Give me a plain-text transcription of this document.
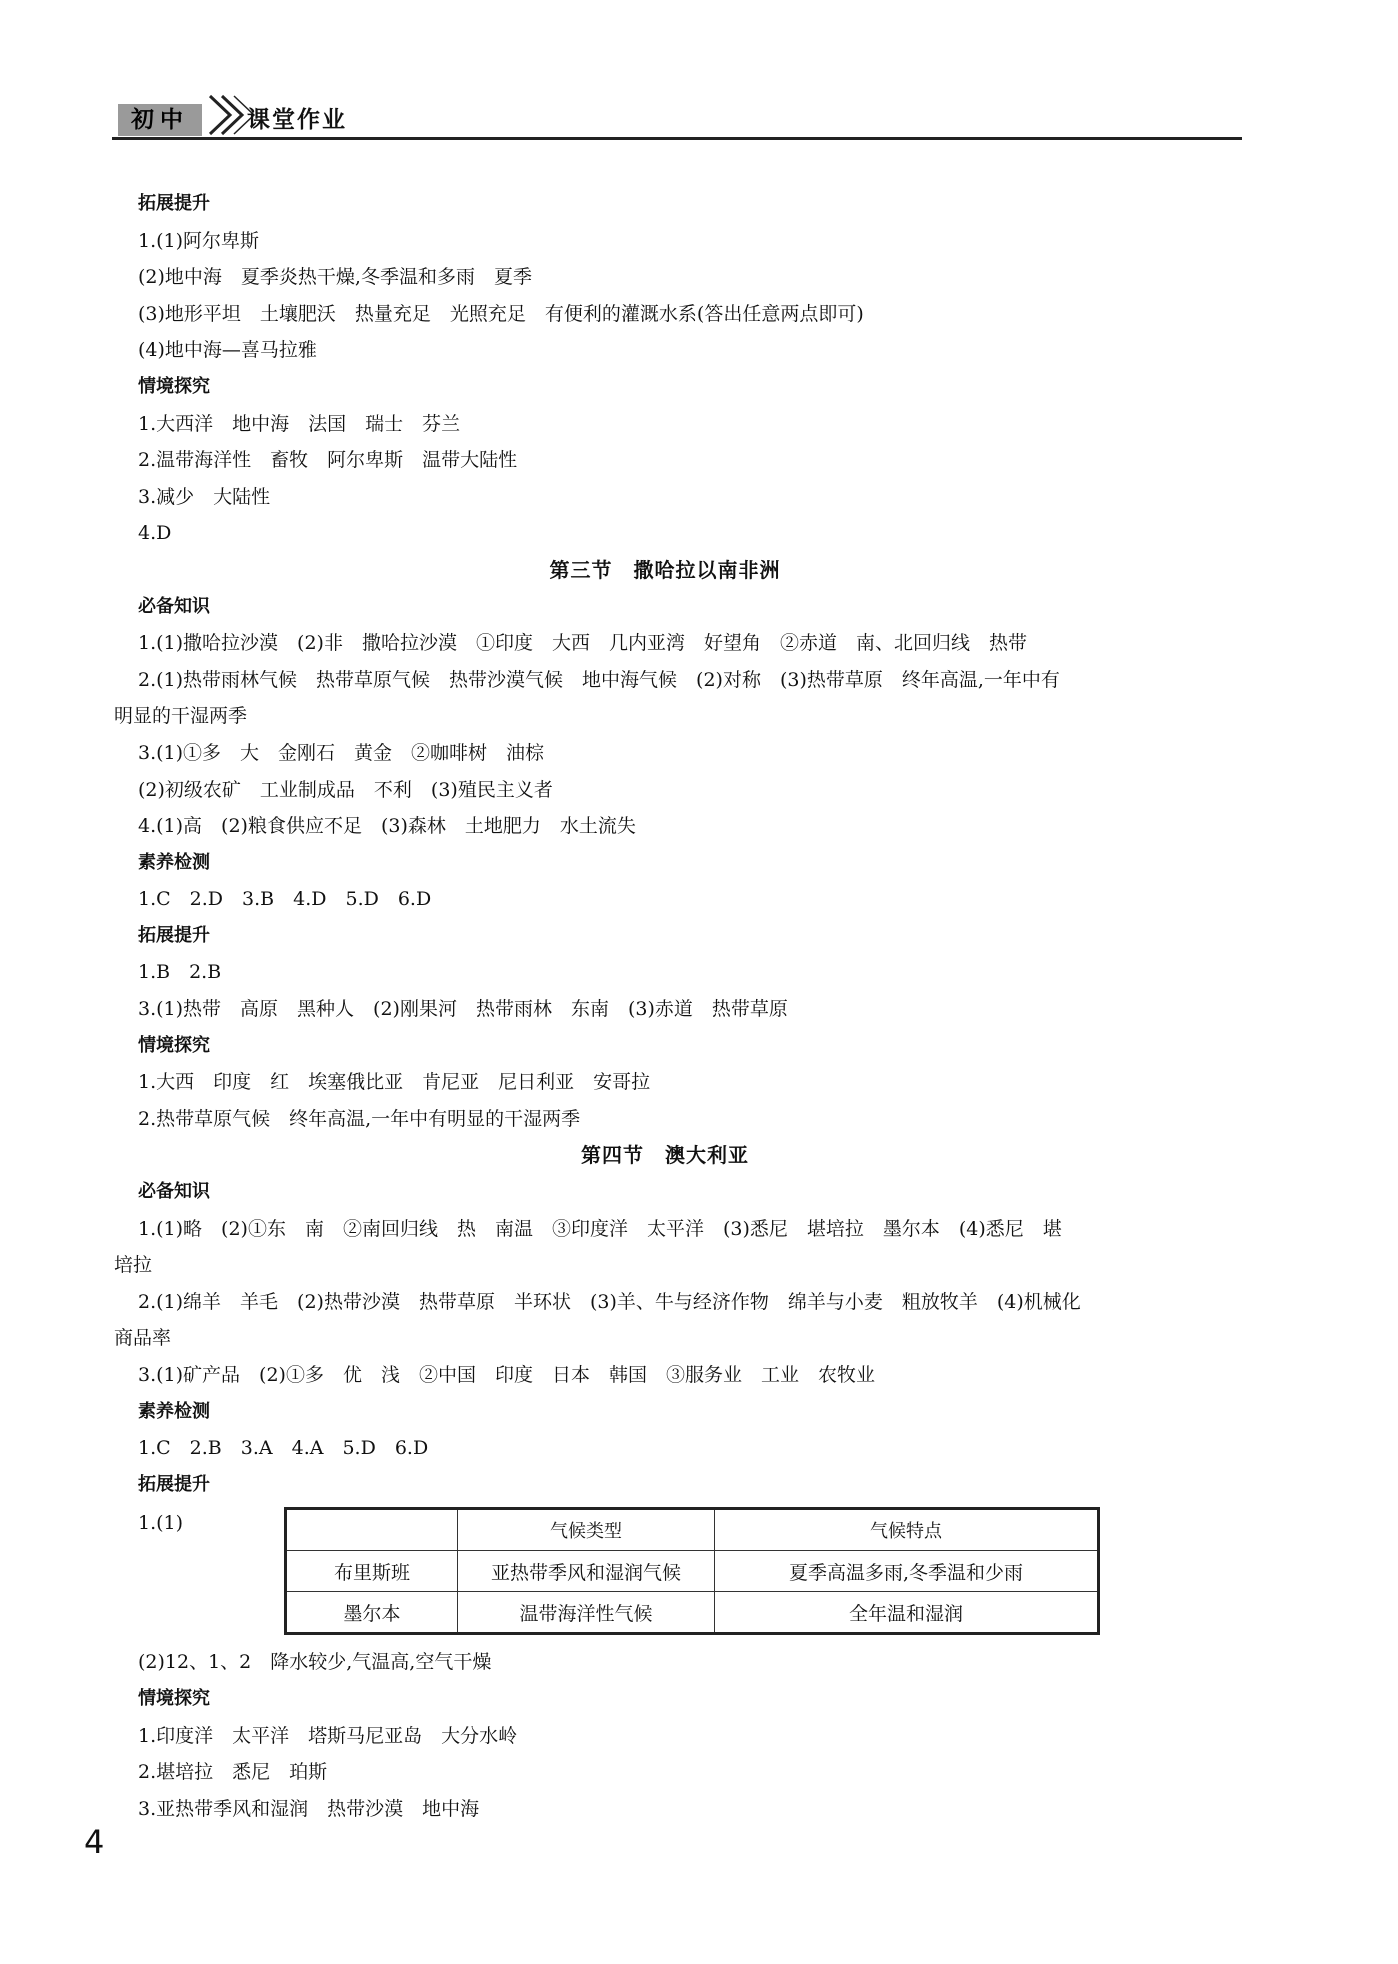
初中	课堂作业
拓展提升
1.(1)阿尔卑斯
(2)地中海　夏季炎热干燥,冬季温和多雨　夏季
(3)地形平坦　土壤肥沃　热量充足　光照充足　有便利的灌溉水系(答出任意两点即可)
(4)地中海—喜马拉雅
情境探究
1.大西洋　地中海　法国　瑞士　芬兰
2.温带海洋性　畜牧　阿尔卑斯　温带大陆性
3.减少　大陆性
4.D
第三节　撒哈拉以南非洲
必备知识
1.(1)撒哈拉沙漠　(2)非　撒哈拉沙漠　①印度　大西　几内亚湾　好望角　②赤道　南、北回归线　热带
2.(1)热带雨林气候　热带草原气候　热带沙漠气候　地中海气候　(2)对称　(3)热带草原　终年高温,一年中有
明显的干湿两季
3.(1)①多　大　金刚石　黄金　②咖啡树　油棕
(2)初级农矿　工业制成品　不利　(3)殖民主义者
4.(1)高　(2)粮食供应不足　(3)森林　土地肥力　水土流失
素养检测
1.C　2.D　3.B　4.D　5.D　6.D
拓展提升
1.B　2.B
3.(1)热带　高原　黑种人　(2)刚果河　热带雨林　东南　(3)赤道　热带草原
情境探究
1.大西　印度　红　埃塞俄比亚　肯尼亚　尼日利亚　安哥拉
2.热带草原气候　终年高温,一年中有明显的干湿两季
第四节　澳大利亚
必备知识
1.(1)略　(2)①东　南　②南回归线　热　南温　③印度洋　太平洋　(3)悉尼　堪培拉　墨尔本　(4)悉尼　堪
培拉
2.(1)绵羊　羊毛　(2)热带沙漠　热带草原　半环状　(3)羊、牛与经济作物　绵羊与小麦　粗放牧羊　(4)机械化
商品率
3.(1)矿产品　(2)①多　优　浅　②中国　印度　日本　韩国　③服务业　工业　农牧业
素养检测
1.C　2.B　3.A　4.A　5.D　6.D
拓展提升
1.(1)
		气候类型	气候特点
布里斯班	亚热带季风和湿润气候	夏季高温多雨,冬季温和少雨
墨尔本	温带海洋性气候	全年温和湿润
(2)12、1、2　降水较少,气温高,空气干燥
情境探究
1.印度洋　太平洋　塔斯马尼亚岛　大分水岭
2.堪培拉　悉尼　珀斯
3.亚热带季风和湿润　热带沙漠　地中海
4
